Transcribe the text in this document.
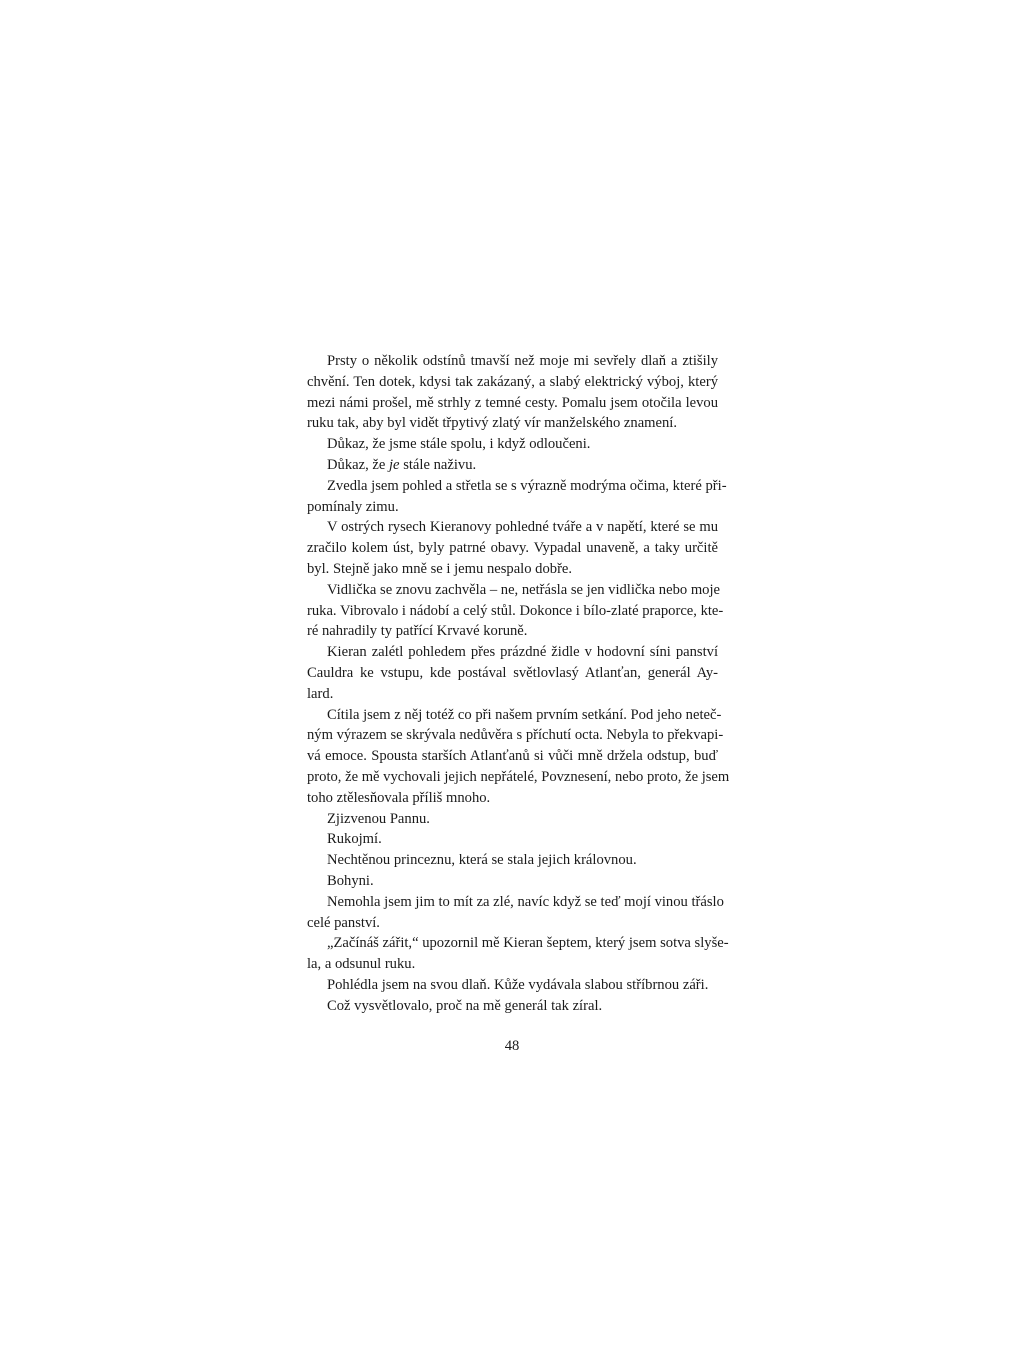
Prsty o několik odstínů tmavší než moje mi sevřely dlaň a ztišily
chvění. Ten dotek, kdysi tak zakázaný, a slabý elektrický výboj, který
mezi námi prošel, mě strhly z temné cesty. Pomalu jsem otočila levou
ruku tak, aby byl vidět třpytivý zlatý vír manželského znamení.

Důkaz, že jsme stále spolu, i když odloučeni.

Důkaz, že je stále naživu.

Zvedla jsem pohled a střetla se s výrazně modrýma očima, které při-
pomínaly zimu.

V ostrých rysech Kieranovy pohledné tváře a v napětí, které se mu
zračilo kolem úst, byly patrné obavy. Vypadal unaveně, a taky určitě
byl. Stejně jako mně se i jemu nespalo dobře.

Vidlička se znovu zachvěla – ne, netřásla se jen vidlička nebo moje
ruka. Vibrovalo i nádobí a celý stůl. Dokonce i bílo-zlaté praporce, kte-
ré nahradily ty patřící Krvavé koruně.

Kieran zalétl pohledem přes prázdné židle v hodovní síni panství
Cauldra ke vstupu, kde postával světlovlasý Atlanťan, generál Ay-
lard.

Cítila jsem z něj totéž co při našem prvním setkání. Pod jeho neteč-
ným výrazem se skrývala nedůvěra s příchutí octa. Nebyla to překvapi-
vá emoce. Spousta starších Atlanťanů si vůči mně držela odstup, buď
proto, že mě vychovali jejich nepřátelé, Povznesení, nebo proto, že jsem
toho ztělesňovala příliš mnoho.

Zjizvenou Pannu.

Rukojmí.

Nechtěnou princeznu, která se stala jejich královnou.

Bohyni.

Nemohla jsem jim to mít za zlé, navíc když se teď mojí vinou třáslo
celé panství.

„Začínáš zářit,“ upozornil mě Kieran šeptem, který jsem sotva slyše-
la, a odsunul ruku.

Pohlédla jsem na svou dlaň. Kůže vydávala slabou stříbrnou záři.

Což vysvětlovalo, proč na mě generál tak zíral.

48
